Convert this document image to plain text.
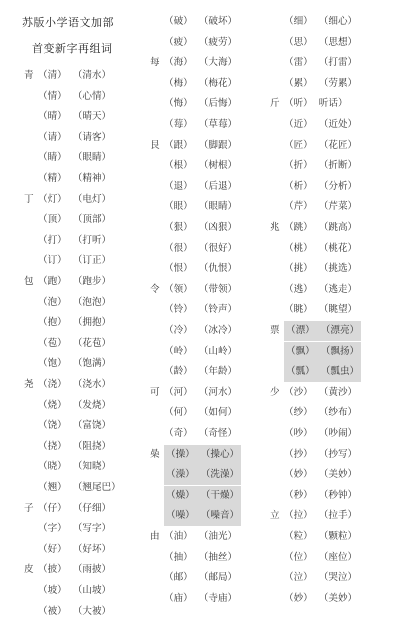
苏版小学语文加部
首变新字再组词
青 （清） （清水）
（情） （心情）
（晴） （晴天）
（请） （请客）
（睛） （眼睛）
（精） （精神）
丁 （灯） （电灯）
（顶） （顶部）
（打） （打听）
（订） （订正）
包 （跑） （跑步）
（泡） （泡泡）
（抱） （拥抱）
（苞） （花苞）
（饱） （饱满）
尧 （浇） （浇水）
（烧） （发烧）
（饶） （富饶）
（挠） （阻挠）
（晓） （知晓）
（翘） （翘尾巴）
子 （仔） （仔细）
（字） （写字）
（好） （好坏）
皮 （披） （雨披）
（坡） （山坡）
（被） （大被）
（破） （破坏）
（疲） （疲劳）
每 （海） （大海）
（梅） （梅花）
（悔） （后悔）
（莓） （草莓）
艮 （跟） （脚跟）
（根） （树根）
（退） （后退）
（眼） （眼睛）
（狠） （凶狠）
（很） （很好）
（恨） （仇恨）
令 （领） （带领）
（铃） （铃声）
（冷） （冰冷）
（岭） （山岭）
（龄） （年龄）
可 （河） （河水）
（何） （如何）
（奇） （奇怪）
喿 （操） （操心）
（澡） （洗澡）
（燥） （干燥）
（噪） （噪音）
由 （油） （油光）
（抽） （抽丝）
（邮） （邮局）
（庙） （寺庙）
（细） （细心）
（思） （思想）
（雷） （打雷）
（累） （劳累）
斤 （听） 听话）
（近） （近处）
（匠） （花匠）
（折） （折断）
（析） （分析）
（芹） （芹菜）
兆 （跳） （跳高）
（桃） （桃花）
（挑） （挑选）
（逃） （逃走）
（眺） （眺望）
票 （漂） （漂亮）
（飘） （飘扬）
（瓢） （瓢虫）
少 （沙） （黄沙）
（纱） （纱布）
（吵） （吵闹）
（抄） （抄写）
（妙） （美妙）
（秒） （秒钟）
立 （拉） （拉手）
（粒） （颗粒）
（位） （座位）
（泣） （哭泣）
（妙） （美妙）
